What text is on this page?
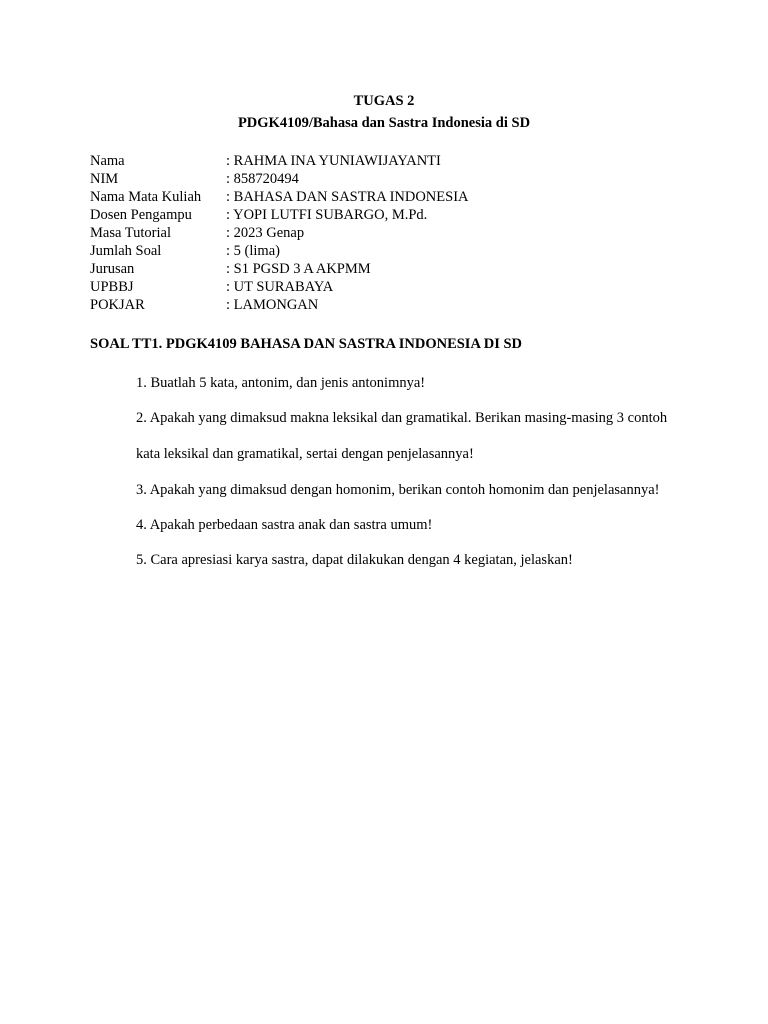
TUGAS 2
PDGK4109/Bahasa dan Sastra Indonesia di SD
Nama	: RAHMA INA YUNIAWIJAYANTI
NIM	: 858720494
Nama Mata Kuliah	: BAHASA DAN SASTRA INDONESIA
Dosen Pengampu	: YOPI LUTFI SUBARGO, M.Pd.
Masa Tutorial	: 2023 Genap
Jumlah Soal	: 5 (lima)
Jurusan	: S1 PGSD 3 A AKPMM
UPBBJ	: UT SURABAYA
POKJAR	: LAMONGAN
SOAL TT1. PDGK4109 BAHASA DAN SASTRA INDONESIA DI SD
1. Buatlah 5 kata, antonim, dan jenis antonimnya!
2. Apakah yang dimaksud makna leksikal dan gramatikal. Berikan masing-masing 3 contoh
kata leksikal dan gramatikal, sertai dengan penjelasannya!
3. Apakah yang dimaksud dengan homonim, berikan contoh homonim dan penjelasannya!
4. Apakah perbedaan sastra anak dan sastra umum!
5. Cara apresiasi karya sastra, dapat dilakukan dengan 4 kegiatan, jelaskan!
